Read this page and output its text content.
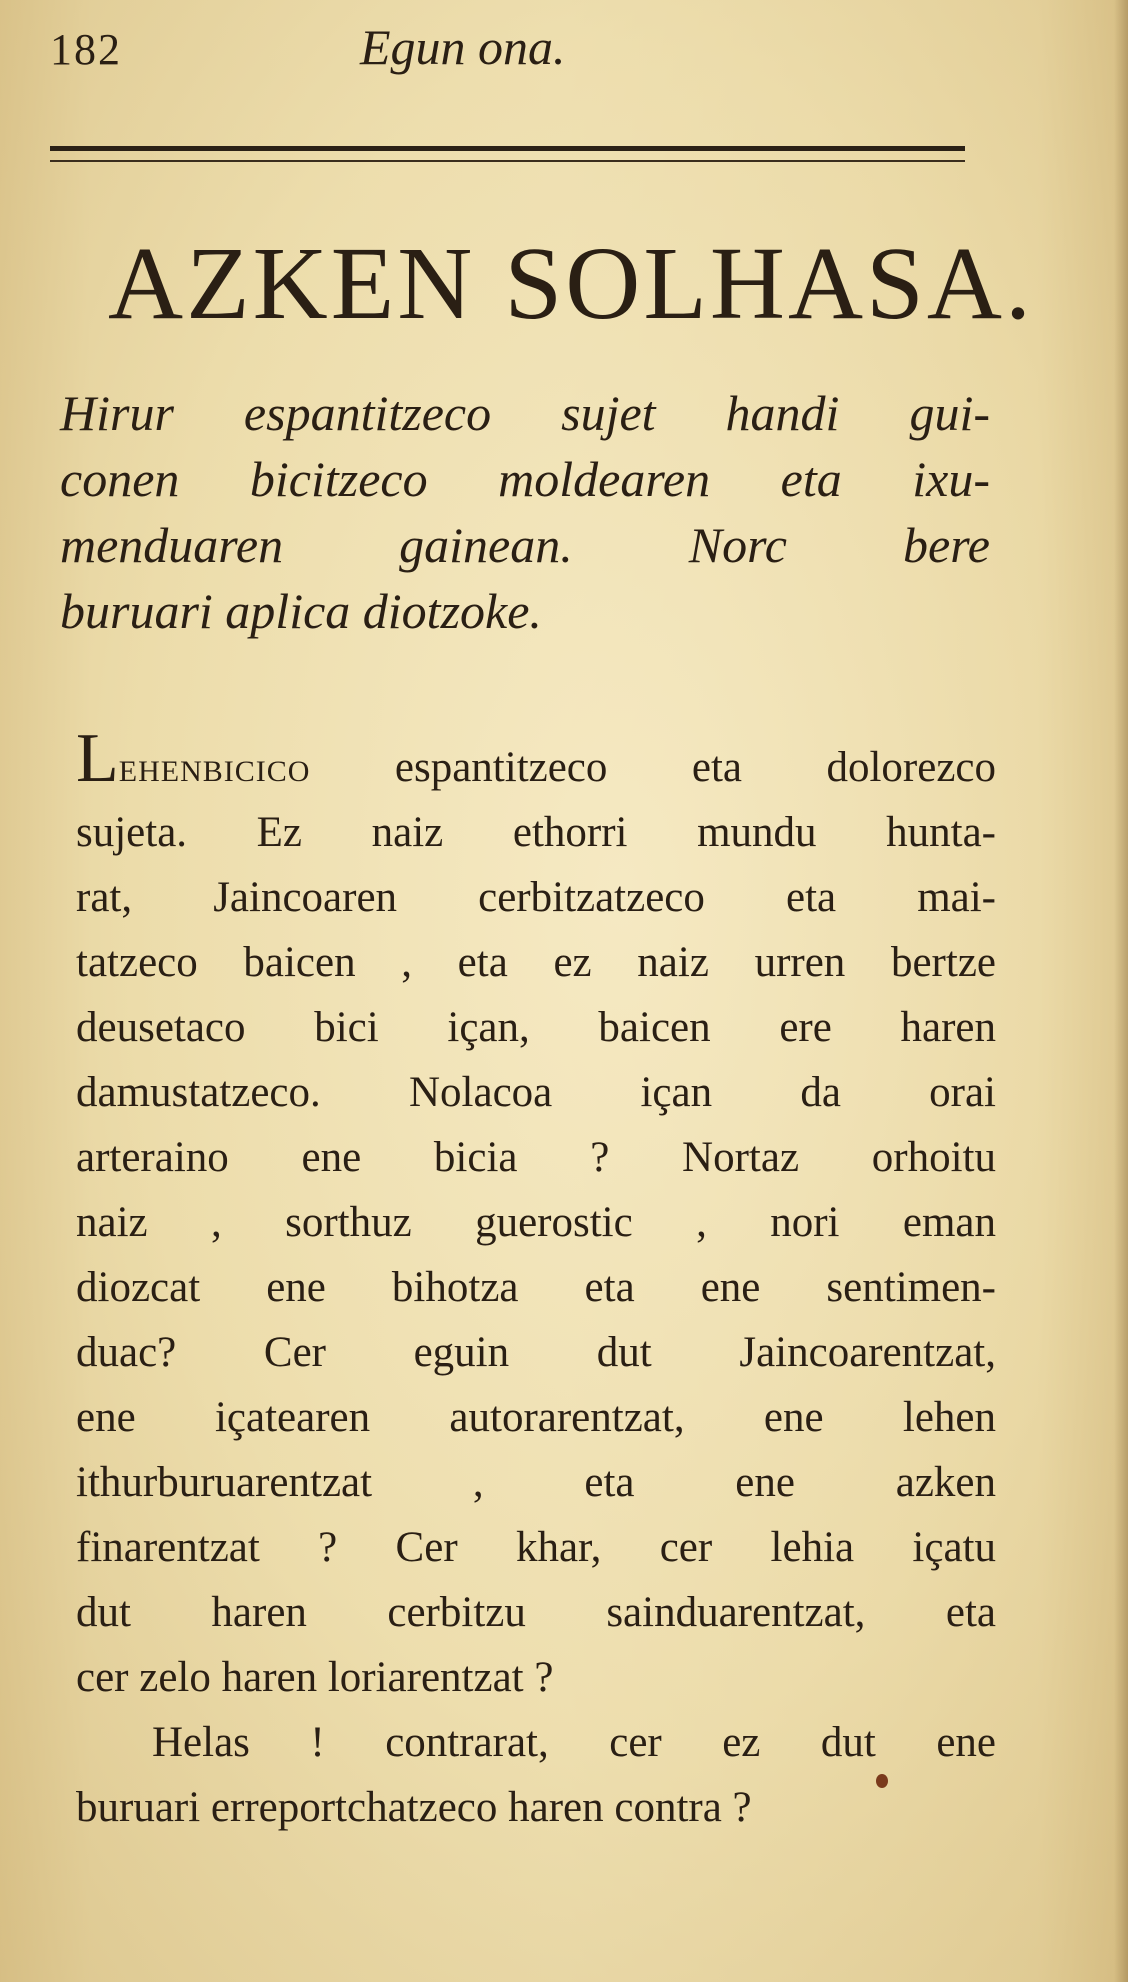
182	Egun ona.
AZKEN SOLHASA.
Hirur espantitzeco sujet handi gui-
conen bicitzeco moldearen eta ixu-
menduaren gainean. Norc bere
buruari aplica diotzoke.
Lehenbicico espantitzeco eta dolorezco
sujeta. Ez naiz ethorri mundu hunta-
rat, Jaincoaren cerbitzatzeco eta mai-
tatzeco baicen , eta ez naiz urren bertze
deusetaco bici içan, baicen ere haren
damustatzeco. Nolacoa içan da orai
arteraino ene bicia ? Nortaz orhoitu
naiz , sorthuz guerostic , nori eman
diozcat ene bihotza eta ene sentimen-
duac? Cer eguin dut Jaincoarentzat,
ene içatearen autorarentzat, ene lehen
ithurburuarentzat , eta ene azken
finarentzat ? Cer khar, cer lehia içatu
dut haren cerbitzu sainduarentzat, eta
cer zelo haren loriarentzat ?
Helas ! contrarat, cer ez dut ene
buruari erreportchatzeco haren contra ?
